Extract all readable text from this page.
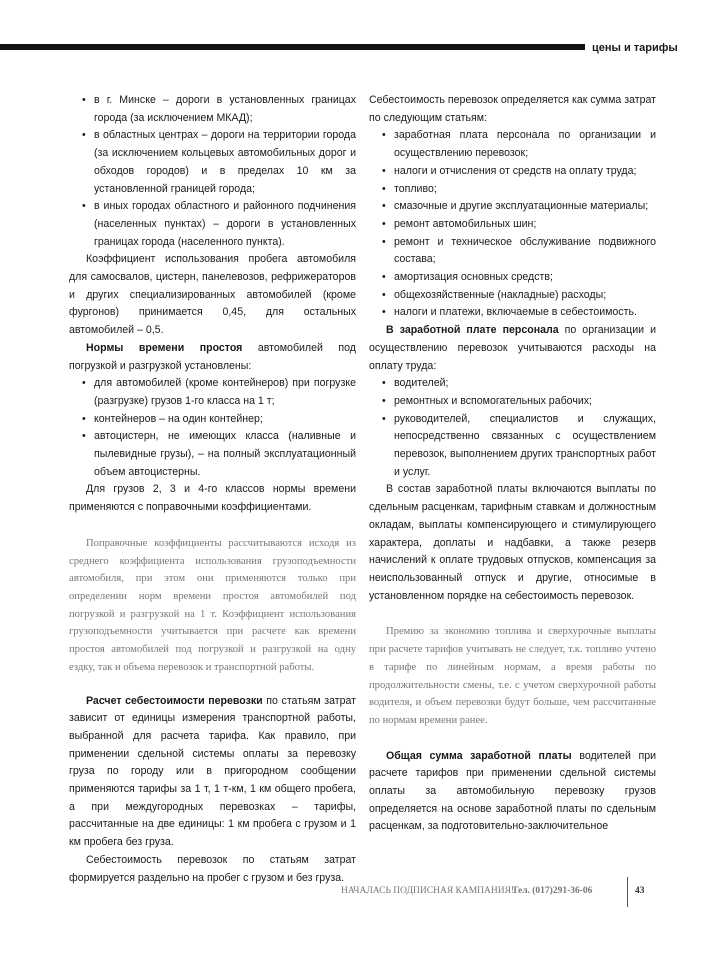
цены и тарифы
• в г. Минске – дороги в установленных границах города (за исключением МКАД);
• в областных центрах – дороги на территории города (за исключением кольцевых автомобильных дорог и обходов городов) и в пределах 10 км за установленной границей города;
• в иных городах областного и районного подчинения (населенных пунктах) – дороги в установленных границах города (населенного пункта).

Коэффициент использования пробега автомобиля для самосвалов, цистерн, панелевозов, рефрижераторов и других специализированных автомобилей (кроме фургонов) принимается 0,45, для остальных автомобилей – 0,5.

Нормы времени простоя автомобилей под погрузкой и разгрузкой установлены:

• для автомобилей (кроме контейнеров) при погрузке (разгрузке) грузов 1-го класса на 1 т;
• контейнеров – на один контейнер;
• автоцистерн, не имеющих класса (наливные и пылевидные грузы), – на полный эксплуатационный объем автоцистерны.

Для грузов 2, 3 и 4-го классов нормы времени применяются с поправочными коэффициентами.

Поправочные коэффициенты рассчитываются исходя из среднего коэффициента использования грузоподъемности автомобиля, при этом они применяются только при определении норм времени простоя автомобилей под погрузкой и разгрузкой на 1 т. Коэффициент использования грузоподъемности учитывается при расчете как времени простоя автомобилей под погрузкой и разгрузкой на одну ездку, так и объема перевозок и транспортной работы.

Расчет себестоимости перевозки по статьям затрат зависит от единицы измерения транспортной работы, выбранной для расчета тарифа. Как правило, при применении сдельной системы оплаты за перевозку груза по городу или в пригородном сообщении применяются тарифы за 1 т, 1 т-км, 1 км общего пробега, а при междугородных перевозках – тарифы, рассчитанные на две единицы: 1 км пробега с грузом и 1 км пробега без груза.

Себестоимость перевозок по статьям затрат формируется раздельно на пробег с грузом и без груза.

Себестоимость перевозок определяется как сумма затрат по следующим статьям:

• заработная плата персонала по организации и осуществлению перевозок;
• налоги и отчисления от средств на оплату труда;
• топливо;
• смазочные и другие эксплуатационные материалы;
• ремонт автомобильных шин;
• ремонт и техническое обслуживание подвижного состава;
• амортизация основных средств;
• общехозяйственные (накладные) расходы;
• налоги и платежи, включаемые в себестоимость.

В заработной плате персонала по организации и осуществлению перевозок учитываются расходы на оплату труда:

• водителей;
• ремонтных и вспомогательных рабочих;
• руководителей, специалистов и служащих, непосредственно связанных с осуществлением перевозок, выполнением других транспортных работ и услуг.

В состав заработной платы включаются выплаты по сдельным расценкам, тарифным ставкам и должностным окладам, выплаты компенсирующего и стимулирующего характера, доплаты и надбавки, а также резерв начислений к оплате трудовых отпусков, компенсация за неиспользованный отпуск и другие, относимые в установленном порядке на себестоимость перевозок.

Премию за экономию топлива и сверхурочные выплаты при расчете тарифов учитывать не следует, т.к. топливо учтено в тарифе по линейным нормам, а время работы по продолжительности смены, т.е. с учетом сверхурочной работы водителя, и объем перевозки будут больше, чем рассчитанные по нормам времени ранее.

Общая сумма заработной платы водителей при расчете тарифов при применении сдельной системы оплаты за автомобильную перевозку грузов определяется на основе заработной платы по сдельным расценкам, за подготовительно-заключительное

НАЧАЛАСЬ ПОДПИСНАЯ КАМПАНИЯ!
Тел. (017)291-36-06	43
